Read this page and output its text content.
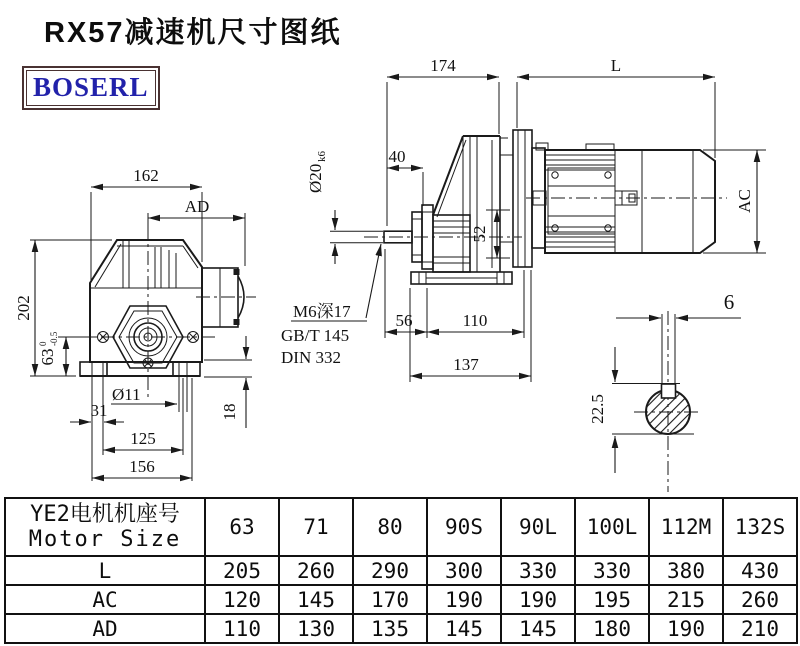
RX57减速机尺寸图纸
BOSERL
162
AD
202
63
0 -0.5
31
Ø11
125
156
18
174	L
40
56	110
137
52
AC
Ø20
k6
M6深17
GB/T 145
DIN 332
6
22.5
YE2电机机座号
Motor Size	63	71	80	90S	90L	100L	112M	132S
L	205	260	290	300	330	330	380	430
AC	120	145	170	190	190	195	215	260
AD	110	130	135	145	145	180	190	210
